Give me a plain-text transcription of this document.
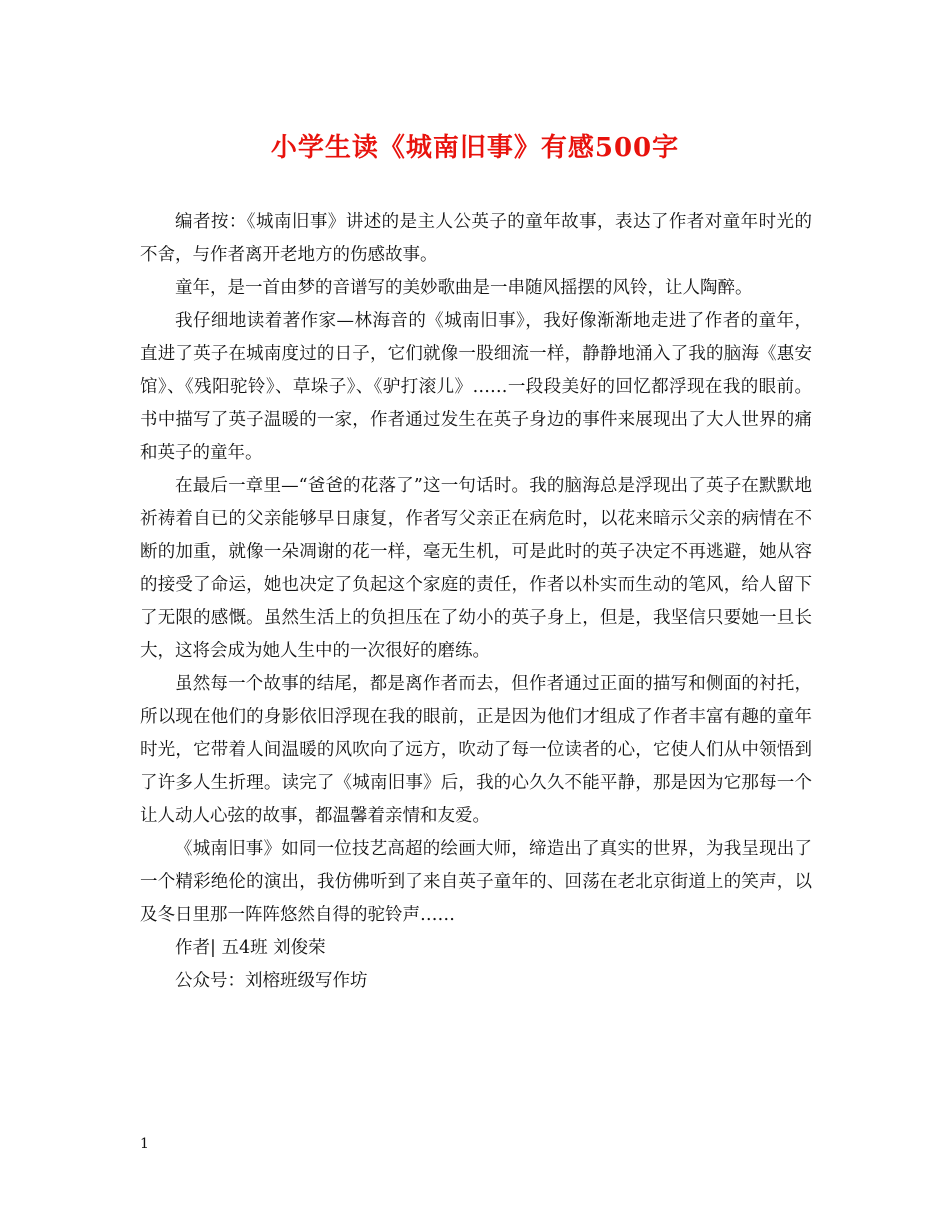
小学生读《城南旧事》有感500字

编者按：《城南旧事》讲述的是主人公英子的童年故事，表达了作者对童年时光的不舍，与作者离开老地方的伤感故事。

童年，是一首由梦的音谱写的美妙歌曲是一串随风摇摆的风铃，让人陶醉。

我仔细地读着著作家—林海音的《城南旧事》，我好像渐渐地走进了作者的童年，直进了英子在城南度过的日子，它们就像一股细流一样，静静地涌入了我的脑海《惠安馆》、《残阳驼铃》、草垛子》、《驴打滚儿》……一段段美好的回忆都浮现在我的眼前。书中描写了英子温暖的一家，作者通过发生在英子身边的事件来展现出了大人世界的痛和英子的童年。

在最后一章里—“爸爸的花落了”这一句话时。我的脑海总是浮现出了英子在默默地祈祷着自已的父亲能够早日康复，作者写父亲正在病危时，以花来暗示父亲的病情在不断的加重，就像一朵凋谢的花一样，毫无生机，可是此时的英子决定不再逃避，她从容的接受了命运，她也决定了负起这个家庭的责任，作者以朴实而生动的笔风，给人留下了无限的感慨。虽然生活上的负担压在了幼小的英子身上，但是，我坚信只要她一旦长大，这将会成为她人生中的一次很好的磨练。

虽然每一个故事的结尾，都是离作者而去，但作者通过正面的描写和侧面的衬托，所以现在他们的身影依旧浮现在我的眼前，正是因为他们才组成了作者丰富有趣的童年时光，它带着人间温暖的风吹向了远方，吹动了每一位读者的心，它使人们从中领悟到了许多人生折理。读完了《城南旧事》后，我的心久久不能平静，那是因为它那每一个让人动人心弦的故事，都温馨着亲情和友爱。

《城南旧事》如同一位技艺高超的绘画大师，缔造出了真实的世界，为我呈现出了一个精彩绝伦的演出，我仿佛听到了来自英子童年的、回荡在老北京街道上的笑声，以及冬日里那一阵阵悠然自得的驼铃声……

作者| 五4班 刘俊荣

公众号：刘榕班级写作坊

1
